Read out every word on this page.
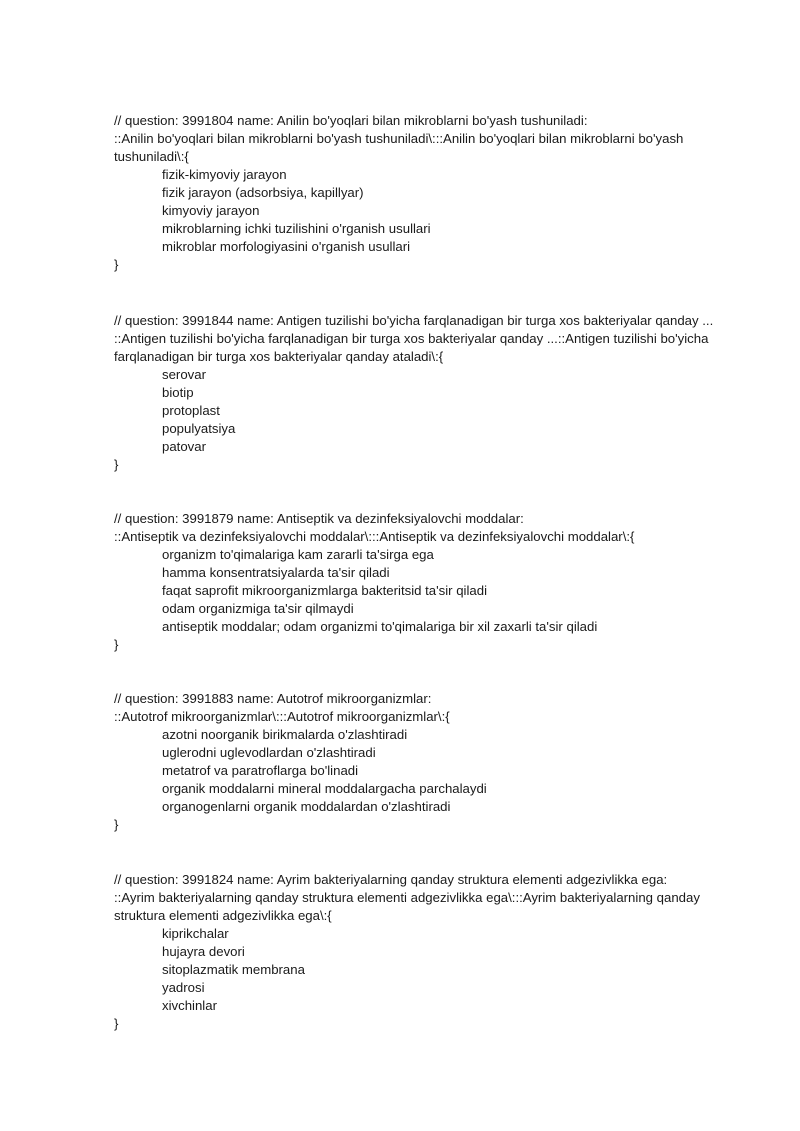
// question: 3991804 name: Anilin bo'yoqlari bilan mikroblarni bo'yash tushuniladi:

::Anilin bo'yoqlari bilan mikroblarni bo'yash tushuniladi\:::Anilin bo'yoqlari bilan mikroblarni bo'yash tushuniladi\:{

fizik-kimyoviy jarayon
fizik jarayon (adsorbsiya, kapillyar)
kimyoviy jarayon
mikroblarning ichki tuzilishini o'rganish usullari
mikroblar morfologiyasini o'rganish usullari

}

// question: 3991844 name: Antigen tuzilishi bo'yicha farqlanadigan bir turga xos bakteriyalar qanday ...

::Antigen tuzilishi bo'yicha farqlanadigan bir turga xos bakteriyalar qanday ...::Antigen tuzilishi bo'yicha farqlanadigan bir turga xos bakteriyalar qanday ataladi\:{

serovar
biotip
protoplast
populyatsiya
patovar

}

// question: 3991879 name: Antiseptik va dezinfeksiyalovchi moddalar:

::Antiseptik va dezinfeksiyalovchi moddalar\:::Antiseptik va dezinfeksiyalovchi moddalar\:{

organizm to'qimalariga kam zararli ta'sirga ega
hamma konsentratsiyalarda ta'sir qiladi
faqat saprofit mikroorganizmlarga bakteritsid ta'sir qiladi
odam organizmiga ta'sir qilmaydi
antiseptik moddalar; odam organizmi to'qimalariga bir xil zaxarli ta'sir qiladi

}

// question: 3991883 name: Autotrof mikroorganizmlar:

::Autotrof mikroorganizmlar\:::Autotrof mikroorganizmlar\:{

azotni noorganik birikmalarda o'zlashtiradi
uglerodni uglevodlardan o'zlashtiradi
metatrof va paratroflarga bo'linadi
organik moddalarni mineral moddalargacha parchalaydi
organogenlarni organik moddalardan o'zlashtiradi

}

// question: 3991824 name: Ayrim bakteriyalarning qanday struktura elementi adgezivlikka ega:

::Ayrim bakteriyalarning qanday struktura elementi adgezivlikka ega\:::Ayrim bakteriyalarning qanday struktura elementi adgezivlikka ega\:{

kiprikchalar
hujayra devori
sitoplazmatik membrana
yadrosi
xivchinlar

}
